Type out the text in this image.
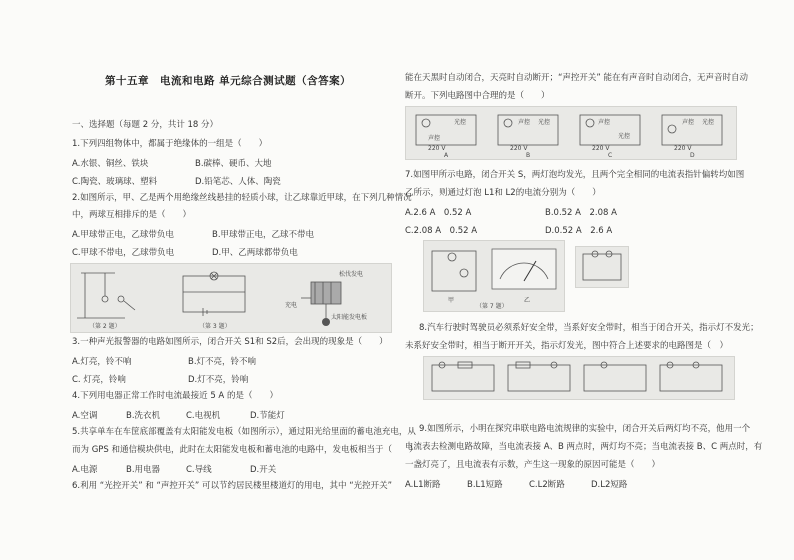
第十五章　电流和电路 单元综合测试题（含答案）
一、选择题（每题 2 分，共计 18 分）
1.下列四组物体中，都属于绝缘体的一组是（　　）
A.水银、铜丝、铁块	B.碳棒、硬币、大地
C.陶瓷、玻璃球、塑料	D.铅笔芯、人体、陶瓷
2.如图所示，甲、乙是两个用绝缘丝线悬挂的轻质小球，让乙球靠近甲球，在下列几种情况
中，两球互相排斥的是（　　）
A.甲球带正电，乙球带负电	B.甲球带正电，乙球不带电
C.甲球不带电，乙球带负电	D.甲、乙两球都带负电
（第 2 题）	（第 3 题）
松伐发电
充电
太阳能发电板
3.一种声光报警器的电路如图所示，闭合开关 S1和 S2后，会出现的现象是（　　）
A.灯亮，铃不响	B.灯不亮，铃不响
C. 灯亮，铃响	D.灯不亮，铃响
4.下列用电器正常工作时电流最接近 5 A 的是（　　）
A.空调	B.洗衣机	C.电视机	D.节能灯
5.共享单车在车筐底部覆盖有太阳能发电板（如图所示），通过阳光给里面的蓄电池充电，从
而为 GPS 和通信模块供电，此时在太阳能发电板和蓄电池的电路中，发电板相当于（　　）
A.电源	B.用电器	C.导线	D.开关
6.利用 “光控开关” 和 “声控开关” 可以节约居民楼里楼道灯的用电，其中 “光控开关”
能在天黑时自动闭合，天亮时自动断开；“声控开关” 能在有声音时自动闭合，无声音时自动
断开。下列电路图中合理的是（　　）
声控
光控
220 V
A
声控 光控
220 V
B
声控
光控
220 V
C
声控 光控
220 V
D
7.如图甲所示电路，闭合开关 S，两灯泡均发光，且两个完全相同的电流表指针偏转均如图
乙所示，则通过灯泡 L1和 L2的电流分别为（　　）
A.2.6 A　0.52 A	B.0.52 A　2.08 A
C.2.08 A　0.52 A	D.0.52 A　2.6 A
甲
（第 7 题）
乙
8.汽车行驶时驾驶员必须系好安全带，当系好安全带时，相当于闭合开关，指示灯不发光；
未系好安全带时，相当于断开开关，指示灯发光，图中符合上述要求的电路图是（　）
9.如图所示，小明在探究串联电路电流规律的实验中，闭合开关后两灯均不亮，他用一个
电流表去检测电路故障，当电流表接 A、B 两点时，两灯均不亮；当电流表接 B、C 两点时，有
一盏灯亮了，且电流表有示数，产生这一现象的原因可能是（　　）
A.L1断路	B.L1短路	C.L2断路	D.L2短路
